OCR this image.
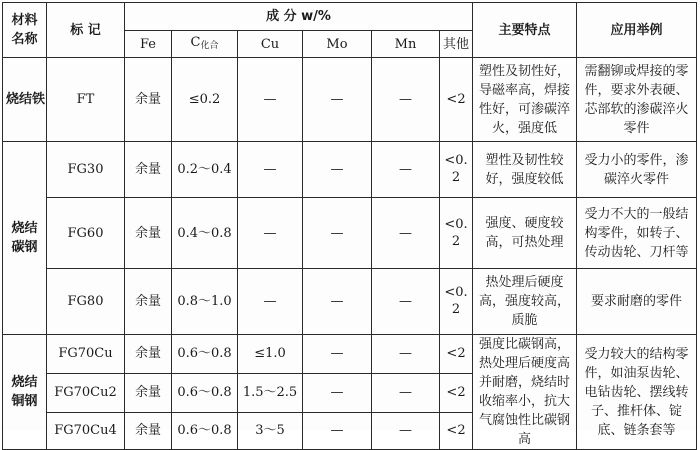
材料名称	标 记	成 分 w/%						主要特点	应用举例
		Fe	$C_{化合}$	Cu	Mo	Mn	其他		
烧结铁	FT	余量	≤0.2	—	—	—	<2	塑性及韧性好，导磁率高，焊接性好，可渗碳淬火，强度低	需翻铆或焊接的零件，要求外表硬、芯部软的渗碳淬火零件
烧结碳钢	FG30	余量	0.2～0.4	—	—	—	<0.2	塑性及韧性较好，强度较低	受力小的零件，渗碳淬火零件
	FG60	余量	0.4～0.8	—	—	—	<0.2	强度、硬度较高，可热处理	受力不大的一般结构零件，如转子、传动齿轮、刀杆等
	FG80	余量	0.8～1.0	—	—	—	<0.2	热处理后硬度高，强度较高，质脆	要求耐磨的零件
烧结铜钢	FG70Cu	余量	0.6～0.8	≤1.0	—	—	<2	强度比碳钢高，热处理后硬度高并耐磨，烧结时收缩率小，抗大气腐蚀性比碳钢高	受力较大的结构零件，如油泵齿轮、电钻齿轮、摆线转子、推杆体、锭底、链条套等
	FG70Cu2	余量	0.6～0.8	1.5～2.5	—	—	<2		
	FG70Cu4	余量	0.6～0.8	3～5	—	—	<2		
